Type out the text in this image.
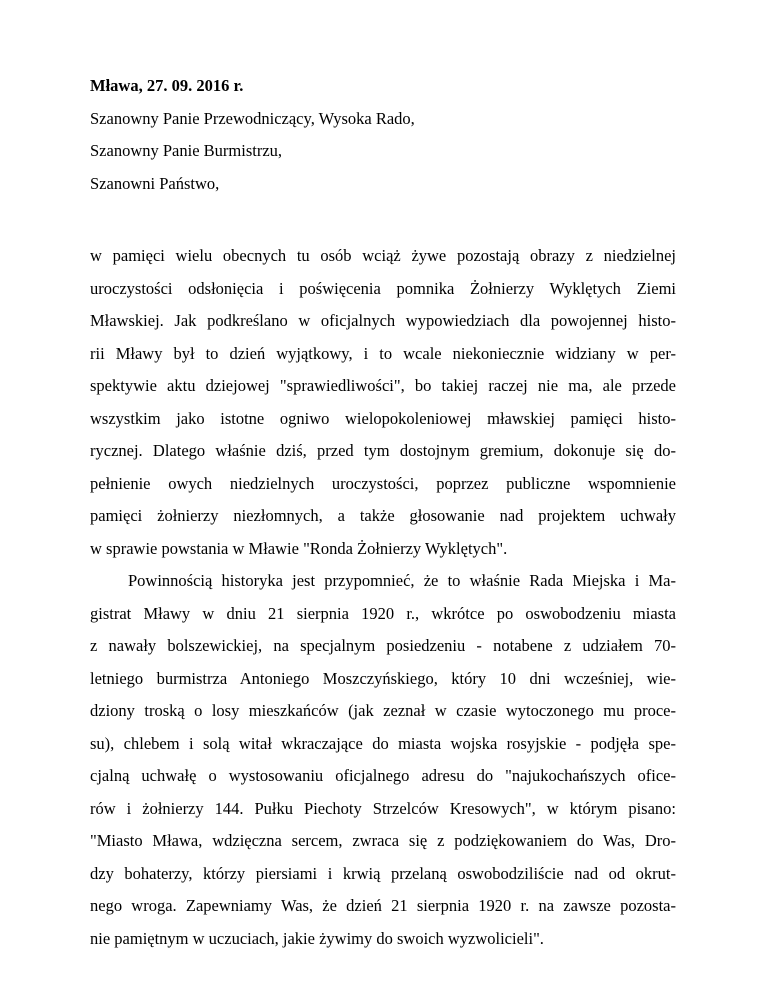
Mława, 27. 09. 2016 r.
Szanowny Panie Przewodniczący, Wysoka Rado,
Szanowny Panie Burmistrzu,
Szanowni Państwo,
w pamięci wielu obecnych tu osób wciąż żywe pozostają obrazy z niedzielnej
uroczystości odsłonięcia i poświęcenia pomnika Żołnierzy Wyklętych Ziemi
Mławskiej. Jak podkreślano w oficjalnych wypowiedziach dla powojennej histo-
rii Mławy był to dzień wyjątkowy, i to wcale niekoniecznie widziany w per-
spektywie aktu dziejowej "sprawiedliwości", bo takiej raczej nie ma, ale przede
wszystkim jako istotne ogniwo wielopokoleniowej mławskiej pamięci histo-
rycznej. Dlatego właśnie dziś, przed tym dostojnym gremium, dokonuje się do-
pełnienie owych niedzielnych uroczystości, poprzez publiczne wspomnienie
pamięci żołnierzy niezłomnych, a także głosowanie nad projektem uchwały
w sprawie powstania w Mławie "Ronda Żołnierzy Wyklętych".
Powinnością historyka jest przypomnieć, że to właśnie Rada Miejska i Ma-
gistrat Mławy w dniu 21 sierpnia 1920 r., wkrótce po oswobodzeniu miasta
z nawały bolszewickiej, na specjalnym posiedzeniu - notabene z udziałem 70-
letniego burmistrza Antoniego Moszczyńskiego, który 10 dni wcześniej, wie-
dziony troską o losy mieszkańców (jak zeznał w czasie wytoczonego mu proce-
su), chlebem i solą witał wkraczające do miasta wojska rosyjskie - podjęła spe-
cjalną uchwałę o wystosowaniu oficjalnego adresu do "najukochańszych ofice-
rów i żołnierzy 144. Pułku Piechoty Strzelców Kresowych", w którym pisano:
"Miasto Mława, wdzięczna sercem, zwraca się z podziękowaniem do Was, Dro-
dzy bohaterzy, którzy piersiami i krwią przelaną oswobodziliście nad od okrut-
nego wroga. Zapewniamy Was, że dzień 21 sierpnia 1920 r. na zawsze pozosta-
nie pamiętnym w uczuciach, jakie żywimy do swoich wyzwolicieli".
